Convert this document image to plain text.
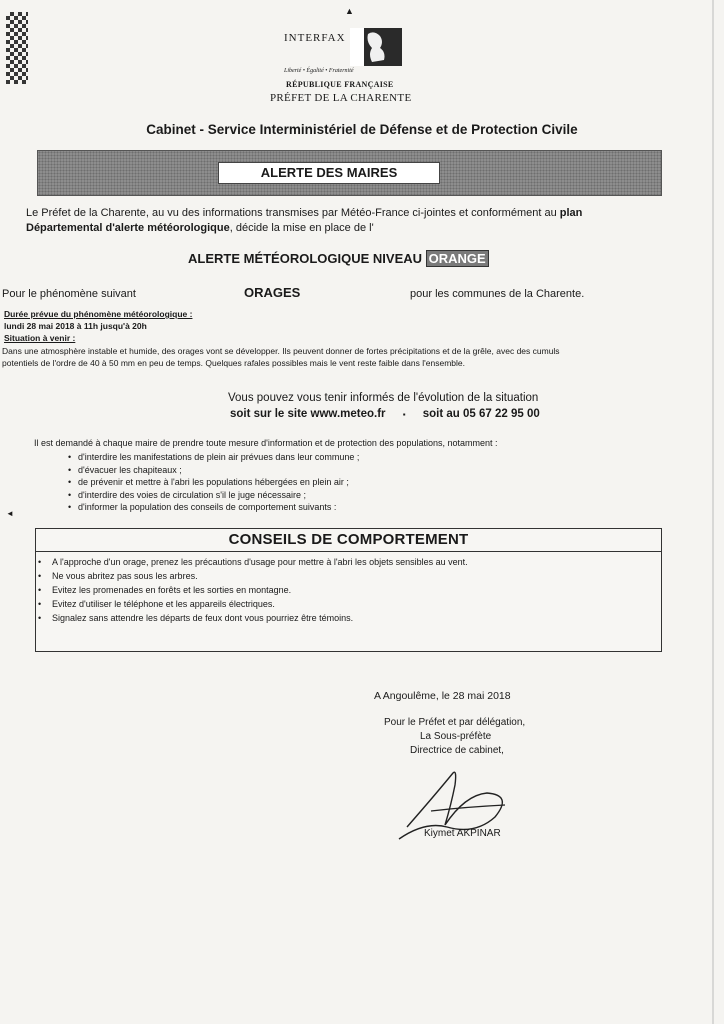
▲
INTERFAX
Liberté • Égalité • Fraternité
RÉPUBLIQUE FRANÇAISE
PRÉFET DE LA CHARENTE
Cabinet - Service Interministériel de Défense et de Protection Civile
ALERTE DES MAIRES
Le Préfet de la Charente, au vu des informations transmises par Météo-France ci-jointes et conformément au plan
Départemental d'alerte météorologique, décide la mise en place de l'
ALERTE MÉTÉOROLOGIQUE NIVEAU ORANGE
Pour le phénomène suivant	ORAGES	pour les communes de la Charente.
Durée prévue du phénomène météorologique :
lundi 28 mai 2018 à 11h jusqu'à 20h
Situation à venir :
Dans une atmosphère instable et humide, des orages vont se développer. Ils peuvent donner de fortes précipitations et de la grêle, avec des cumuls
potentiels de l'ordre de 40 à 50 mm en peu de temps. Quelques rafales possibles mais le vent reste faible dans l'ensemble.
Vous pouvez vous tenir informés de l'évolution de la situation
soit sur le site www.meteo.fr ▪ soit au 05 67 22 95 00
Il est demandé à chaque maire de prendre toute mesure d'information et de protection des populations, notamment :
• d'interdire les manifestations de plein air prévues dans leur commune ;
• d'évacuer les chapiteaux ;
• de prévenir et mettre à l'abri les populations hébergées en plein air ;
• d'interdire des voies de circulation s'il le juge nécessaire ;
• d'informer la population des conseils de comportement suivants :
◄
CONSEILS DE COMPORTEMENT
• A l'approche d'un orage, prenez les précautions d'usage pour mettre à l'abri les objets sensibles au vent.
• Ne vous abritez pas sous les arbres.
• Evitez les promenades en forêts et les sorties en montagne.
• Evitez d'utiliser le téléphone et les appareils électriques.
• Signalez sans attendre les départs de feux dont vous pourriez être témoins.
A Angoulême, le 28 mai 2018
Pour le Préfet et par délégation,
La Sous-préfète
Directrice de cabinet,
Kiymet AKPINAR
